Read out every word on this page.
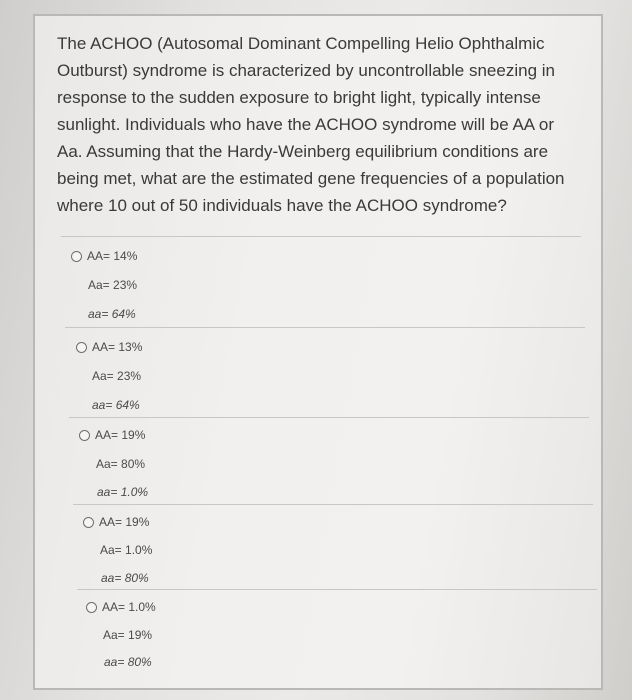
The ACHOO (Autosomal Dominant Compelling Helio Ophthalmic
Outburst) syndrome is characterized by uncontrollable sneezing in
response to the sudden exposure to bright light, typically intense
sunlight. Individuals who have the ACHOO syndrome will be AA or
Aa. Assuming that the Hardy-Weinberg equilibrium conditions are
being met, what are the estimated gene frequencies of a population
where 10 out of 50 individuals have the ACHOO syndrome?
AA= 14%
Aa= 23%
aa= 64%
AA= 13%
Aa= 23%
aa= 64%
AA= 19%
Aa= 80%
aa= 1.0%
AA= 19%
Aa= 1.0%
aa= 80%
AA= 1.0%
Aa= 19%
aa= 80%
